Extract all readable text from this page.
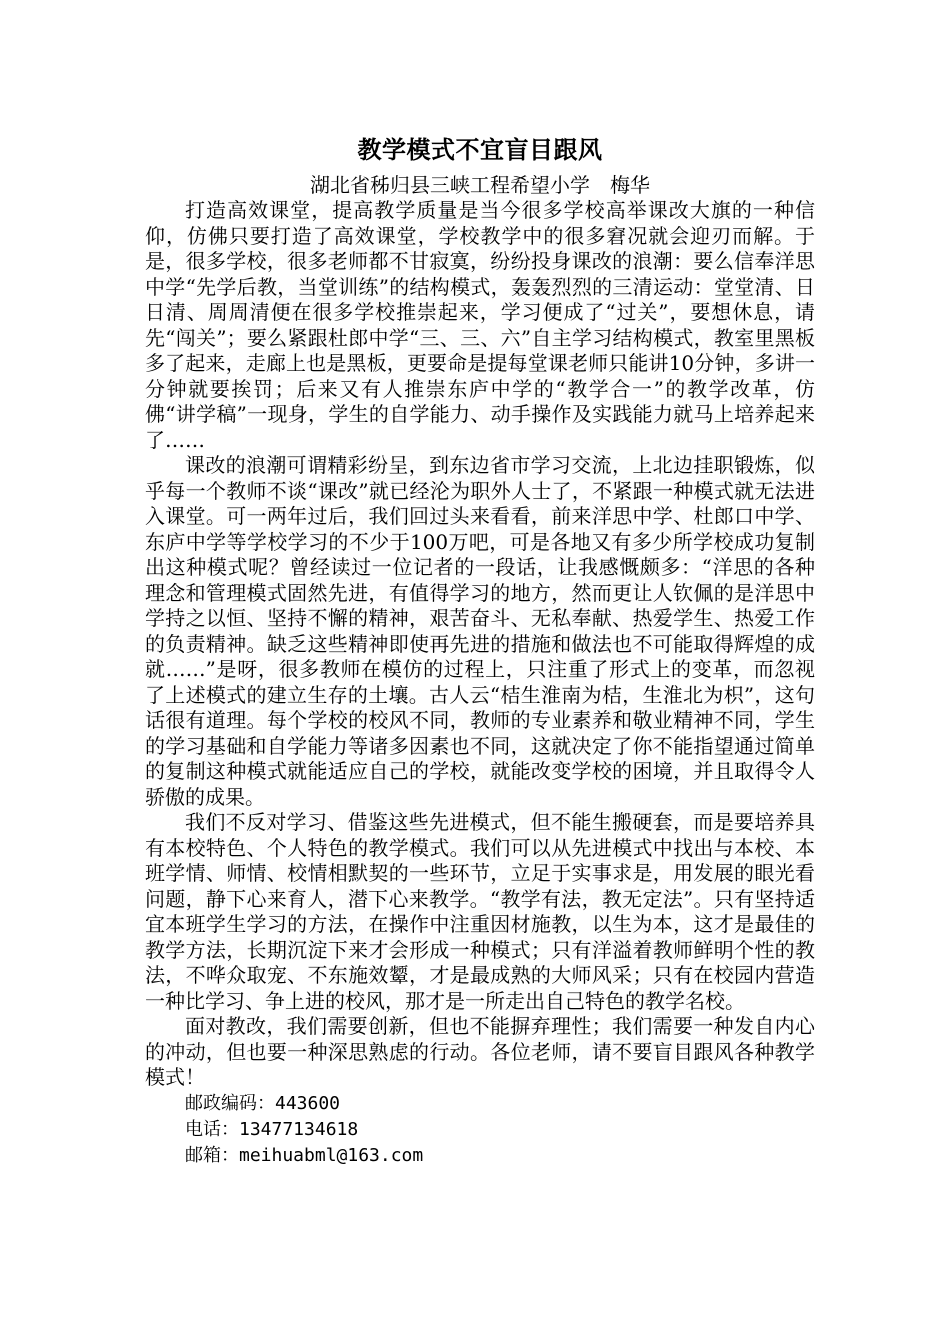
教学模式不宜盲目跟风

湖北省秭归县三峡工程希望小学　梅华

打造高效课堂，提高教学质量是当今很多学校高举课改大旗的一种信仰，仿佛只要打造了高效课堂，学校教学中的很多窘况就会迎刃而解。于是，很多学校，很多老师都不甘寂寞，纷纷投身课改的浪潮：要么信奉洋思中学“先学后教，当堂训练”的结构模式，轰轰烈烈的三清运动：堂堂清、日日清、周周清便在很多学校推崇起来，学习便成了“过关”，要想休息，请先“闯关”；要么紧跟杜郎中学“三、三、六”自主学习结构模式，教室里黑板多了起来，走廊上也是黑板，更要命是提每堂课老师只能讲10分钟，多讲一分钟就要挨罚；后来又有人推崇东庐中学的“教学合一”的教学改革，仿佛“讲学稿”一现身，学生的自学能力、动手操作及实践能力就马上培养起来了……

课改的浪潮可谓精彩纷呈，到东边省市学习交流，上北边挂职锻炼，似乎每一个教师不谈“课改”就已经沦为职外人士了，不紧跟一种模式就无法进入课堂。可一两年过后，我们回过头来看看，前来洋思中学、杜郎口中学、东庐中学等学校学习的不少于100万吧，可是各地又有多少所学校成功复制出这种模式呢？曾经读过一位记者的一段话，让我感慨颇多：“洋思的各种理念和管理模式固然先进，有值得学习的地方，然而更让人钦佩的是洋思中学持之以恒、坚持不懈的精神，艰苦奋斗、无私奉献、热爱学生、热爱工作的负责精神。缺乏这些精神即使再先进的措施和做法也不可能取得辉煌的成就……”是呀，很多教师在模仿的过程上，只注重了形式上的变革，而忽视了上述模式的建立生存的土壤。古人云“桔生淮南为桔，生淮北为枳”，这句话很有道理。每个学校的校风不同，教师的专业素养和敬业精神不同，学生的学习基础和自学能力等诸多因素也不同，这就决定了你不能指望通过简单的复制这种模式就能适应自己的学校，就能改变学校的困境，并且取得令人骄傲的成果。

我们不反对学习、借鉴这些先进模式，但不能生搬硬套，而是要培养具有本校特色、个人特色的教学模式。我们可以从先进模式中找出与本校、本班学情、师情、校情相默契的一些环节，立足于实事求是，用发展的眼光看问题，静下心来育人，潜下心来教学。“教学有法，教无定法”。只有坚持适宜本班学生学习的方法，在操作中注重因材施教，以生为本，这才是最佳的教学方法，长期沉淀下来才会形成一种模式；只有洋溢着教师鲜明个性的教法，不哗众取宠、不东施效颦，才是最成熟的大师风采；只有在校园内营造一种比学习、争上进的校风，那才是一所走出自己特色的教学名校。

面对教改，我们需要创新，但也不能摒弃理性；我们需要一种发自内心的冲动，但也要一种深思熟虑的行动。各位老师，请不要盲目跟风各种教学模式！

邮政编码：443600

电话：13477134618

邮箱：meihuabml@163.com
